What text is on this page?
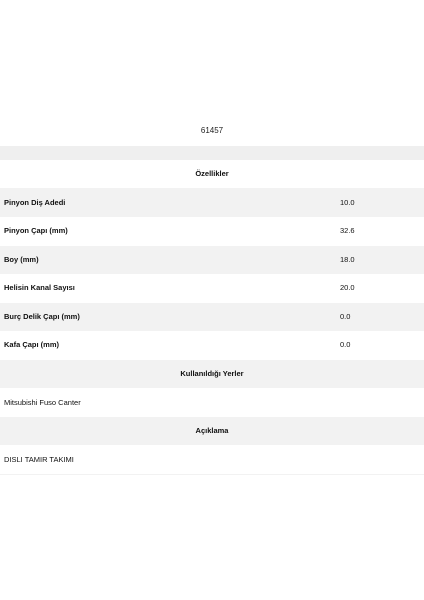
61457
Özellikler
Pinyon Diş Adedi	10.0
Pinyon Çapı (mm)	32.6
Boy (mm)	18.0
Helisin Kanal Sayısı	20.0
Burç Delik Çapı (mm)	0.0
Kafa Çapı (mm)	0.0
Kullanıldığı Yerler
Mitsubishi Fuso Canter
Açıklama
DISLI TAMIR TAKIMI
